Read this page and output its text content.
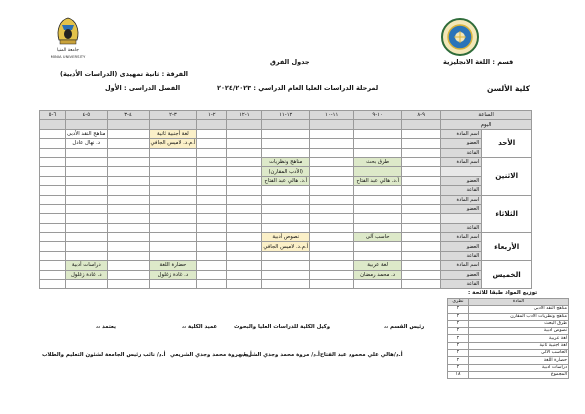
جامعة المنيا
MINIA UNIVERSITY
قسم : اللغة الانجليزية
كلية الألسن
جدول الفرق
لمرحلة الدراسات العليا العام الدراسي : ٢٠٢٤/٢٠٢٣
الفرقة : ثانية تمهيدى (الدراسات الأدبية)
الفصل الدراسى : الأول
الساعة		٩-٨	١٠-٩	١١-١٠	١٢-١١	١-١٢	٢-١	٣-٢	٤-٣	٥-٤	٦-٥
اليوم											
الأحد	اسم المادة							لغة أجنبية ثانية		مناهج النقد الأدبى	
	العضو							أ.م.د. لاميس الجافي		د. نهال عادل	
	القاعة										
الاثنين	اسم المادة		طرق بحث		مناهج ونظريات						
					(الأدب المقارن)						
	العضو		أ.د. هالي عبد الفتاح		أ.د. هالي عبد الفتاح						
	القاعة										
الثلاثاء	اسم المادة										
	العضو										

	القاعة										
الأربعاء	اسم المادة		حاسب آلى		نصوص أدبية						
	العضو				أ.م.د. لاميس الجافي						
	القاعة										
الخميس	اسم المادة		لغة عربية					حضارة اللغة		دراسات أدبية	
	العضو		د. محمد رمضان					د. غادة زغلول		د. غادة زغلول	
	القاعة										
توزيع المواد طبقا للائحة :
المادة	نظري
مناهج النقد الأدبى	٢
مناهج ونظريات الأدب المقارن	٢
طرق البحث	٢
نصوص أدبية	٢
لغة عربية	٢
لغة أجنبية ثانية	٢
الحاسب الآلى	٢
حضارة اللغة	٢
دراسات أدبية	٢
المجموع	١٨
رئيس القسم ،،
وكيل الكلية للدراسات العليا والبحوث
عميد الكلية ،،
يعتمد ،،
أ.د/هالي علي محمود عبد الفتاح
أ.د/ مروة محمد وجدي الشريعي
أ.د/ مروة محمد وجدي الشريعي
أ.د/ نائب رئيس الجامعة لشئون التعليم والطلاب
